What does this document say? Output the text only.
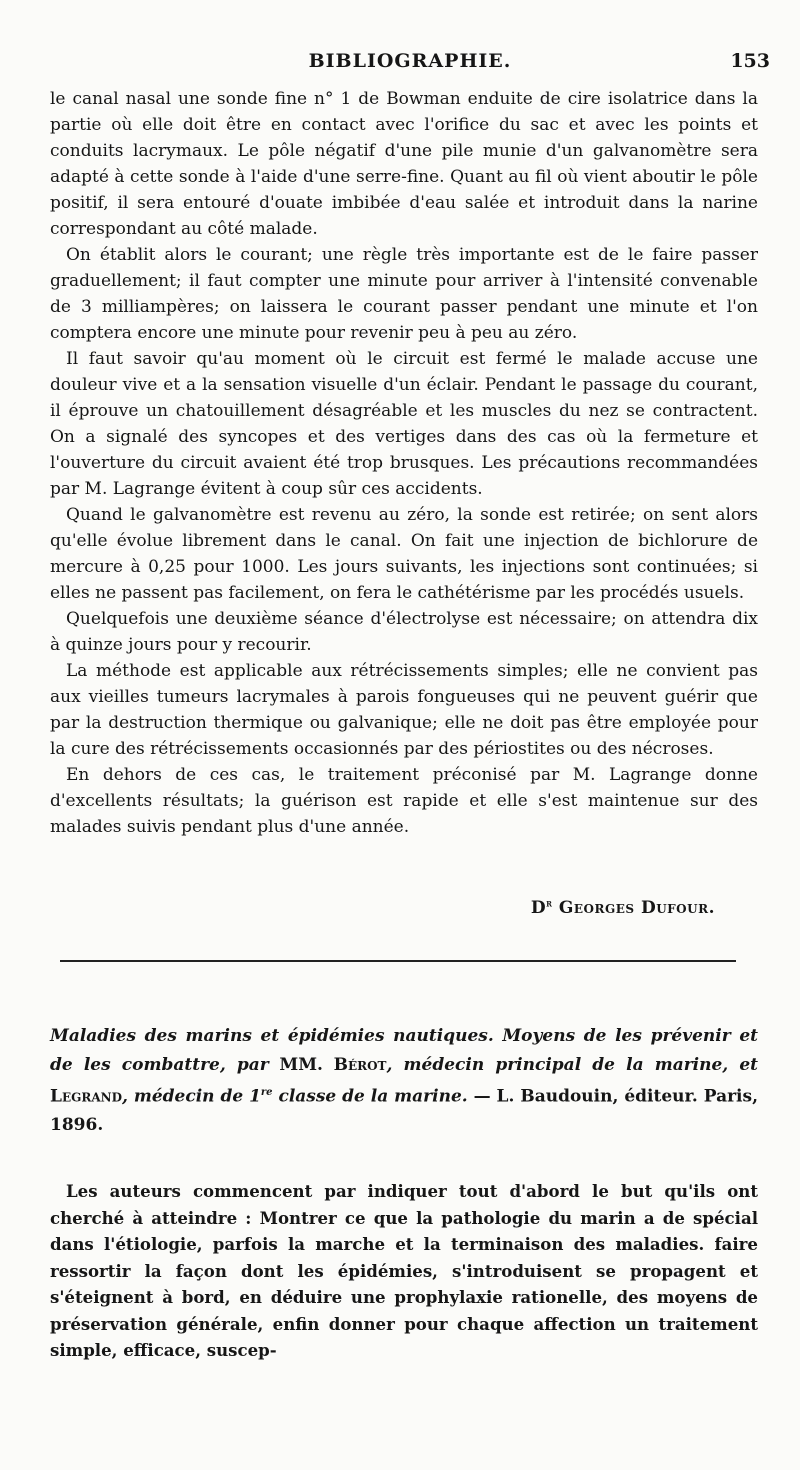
BIBLIOGRAPHIE.	153

le canal nasal une sonde fine n° 1 de Bowman enduite de cire isolatrice dans la partie où elle doit être en contact avec l'orifice du sac et avec les points et conduits lacrymaux. Le pôle négatif d'une pile munie d'un galvanomètre sera adapté à cette sonde à l'aide d'une serre-fine. Quant au fil où vient aboutir le pôle positif, il sera entouré d'ouate imbibée d'eau salée et introduit dans la narine correspondant au côté malade.

On établit alors le courant; une règle très importante est de le faire passer graduellement; il faut compter une minute pour arriver à l'intensité convenable de 3 milliampères; on laissera le courant passer pendant une minute et l'on comptera encore une minute pour revenir peu à peu au zéro.

Il faut savoir qu'au moment où le circuit est fermé le malade accuse une douleur vive et a la sensation visuelle d'un éclair. Pendant le passage du courant, il éprouve un chatouillement désagréable et les muscles du nez se contractent. On a signalé des syncopes et des vertiges dans des cas où la fermeture et l'ouverture du circuit avaient été trop brusques. Les précautions recommandées par M. Lagrange évitent à coup sûr ces accidents.

Quand le galvanomètre est revenu au zéro, la sonde est retirée; on sent alors qu'elle évolue librement dans le canal. On fait une injection de bichlorure de mercure à 0,25 pour 1000. Les jours suivants, les injections sont continuées; si elles ne passent pas facilement, on fera le cathétérisme par les procédés usuels.

Quelquefois une deuxième séance d'électrolyse est nécessaire; on attendra dix à quinze jours pour y recourir.

La méthode est applicable aux rétrécissements simples; elle ne convient pas aux vieilles tumeurs lacrymales à parois fongueuses qui ne peuvent guérir que par la destruction thermique ou galvanique; elle ne doit pas être employée pour la cure des rétrécissements occasionnés par des périostites ou des nécroses.

En dehors de ces cas, le traitement préconisé par M. Lagrange donne d'excellents résultats; la guérison est rapide et elle s'est maintenue sur des malades suivis pendant plus d'une année.

$D^r$ Georges Dufour.
Maladies des marins et épidémies nautiques. Moyens de les prévenir et de les combattre, par MM. Bérot, médecin principal de la marine, et Legrand, médecin de 1re classe de la marine. — L. Baudouin, éditeur. Paris, 1896.

Les auteurs commencent par indiquer tout d'abord le but qu'ils ont cherché à atteindre : Montrer ce que la pathologie du marin a de spécial dans l'étiologie, parfois la marche et la terminaison des maladies. faire ressortir la façon dont les épidémies, s'introduisent se propagent et s'éteignent à bord, en déduire une prophylaxie rationelle, des moyens de préservation générale, enfin donner pour chaque affection un traitement simple, efficace, suscep-
